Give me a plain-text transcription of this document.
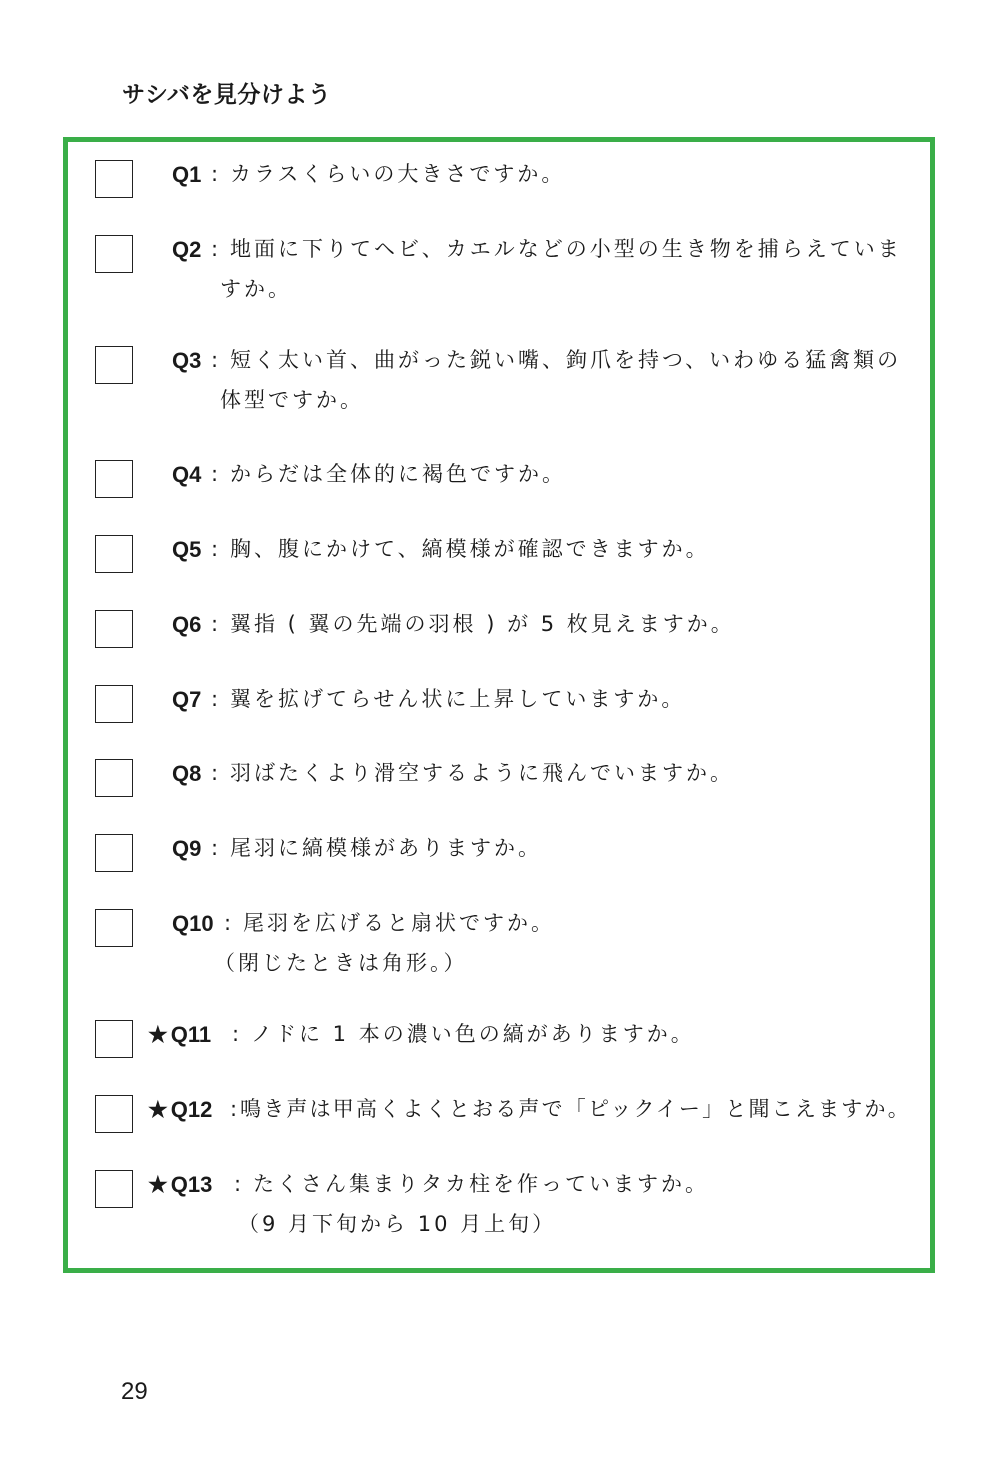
サシバを見分けよう
Q1 : カラスくらいの大きさですか。
Q2 : 地面に下りてヘビ、カエルなどの小型の生き物を捕らえていま
すか。
Q3 : 短く太い首、曲がった鋭い嘴、鉤爪を持つ、いわゆる猛禽類の
体型ですか。
Q4 : からだは全体的に褐色ですか。
Q5 : 胸、腹にかけて、縞模様が確認できますか。
Q6 : 翼指 ( 翼の先端の羽根 ) が 5 枚見えますか。
Q7 : 翼を拡げてらせん状に上昇していますか。
Q8 : 羽ばたくより滑空するように飛んでいますか。
Q9 : 尾羽に縞模様がありますか。
Q10 : 尾羽を広げると扇状ですか。
（閉じたときは角形。）
★ Q11 : ノドに 1 本の濃い色の縞がありますか。
★ Q12 : 鳴き声は甲高くよくとおる声で「ピックイー」と聞こえますか。
★ Q13 : たくさん集まりタカ柱を作っていますか。
（9 月下旬から 10 月上旬）
29
